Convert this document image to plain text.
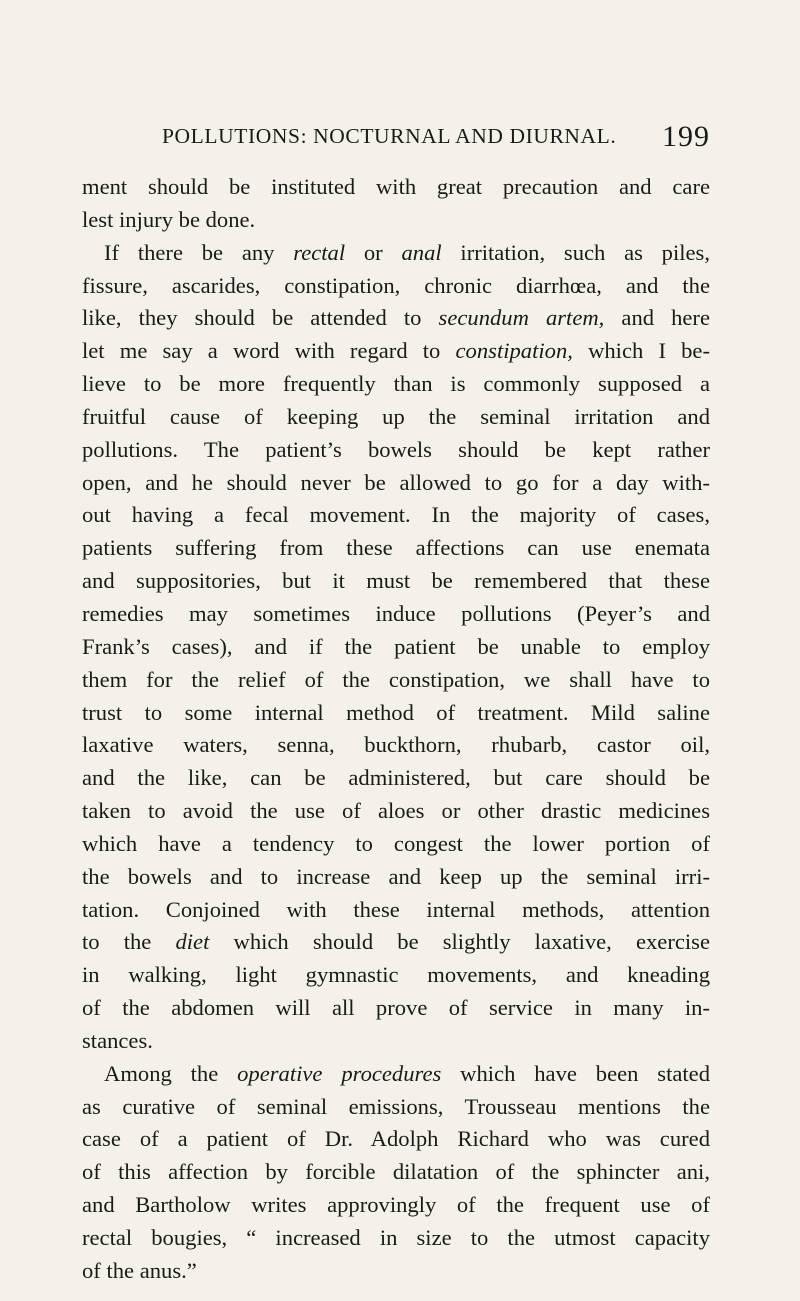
POLLUTIONS: NOCTURNAL AND DIURNAL. 199
ment should be instituted with great precaution and care
lest injury be done.
If there be any rectal or anal irritation, such as piles,
fissure, ascarides, constipation, chronic diarrhœa, and the
like, they should be attended to secundum artem, and here
let me say a word with regard to constipation, which I be-
lieve to be more frequently than is commonly supposed a
fruitful cause of keeping up the seminal irritation and
pollutions. The patient’s bowels should be kept rather
open, and he should never be allowed to go for a day with-
out having a fecal movement. In the majority of cases,
patients suffering from these affections can use enemata
and suppositories, but it must be remembered that these
remedies may sometimes induce pollutions (Peyer’s and
Frank’s cases), and if the patient be unable to employ
them for the relief of the constipation, we shall have to
trust to some internal method of treatment. Mild saline
laxative waters, senna, buckthorn, rhubarb, castor oil,
and the like, can be administered, but care should be
taken to avoid the use of aloes or other drastic medicines
which have a tendency to congest the lower portion of
the bowels and to increase and keep up the seminal irri-
tation. Conjoined with these internal methods, attention
to the diet which should be slightly laxative, exercise
in walking, light gymnastic movements, and kneading
of the abdomen will all prove of service in many in-
stances.
Among the operative procedures which have been stated
as curative of seminal emissions, Trousseau mentions the
case of a patient of Dr. Adolph Richard who was cured
of this affection by forcible dilatation of the sphincter ani,
and Bartholow writes approvingly of the frequent use of
rectal bougies, “ increased in size to the utmost capacity
of the anus.”
